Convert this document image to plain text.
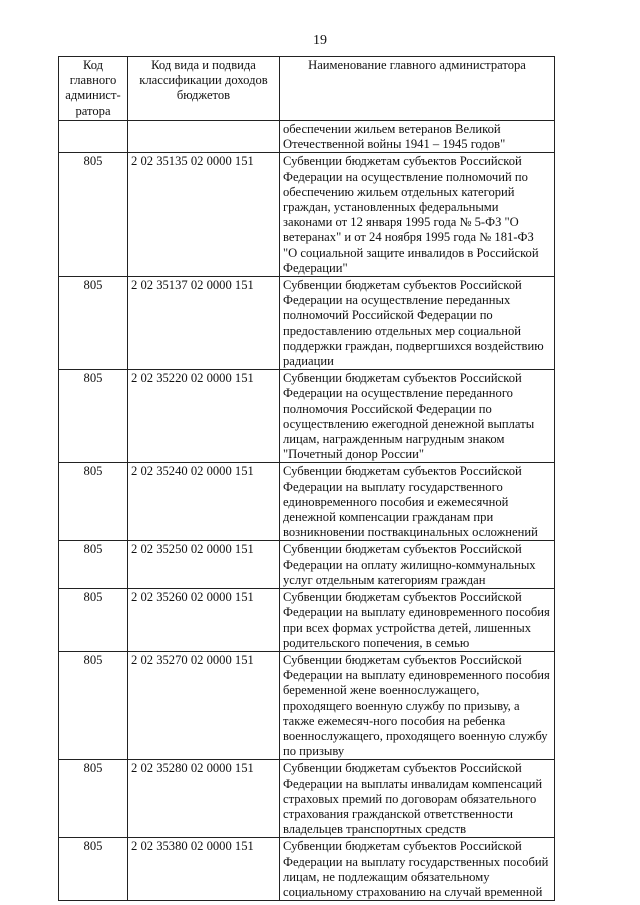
19
Код главного админист-ратора	Код вида и подвида классификации доходов бюджетов	Наименование главного администратора
		обеспечении жильем ветеранов Великой Отечественной войны 1941 – 1945 годов"
805	2 02 35135 02 0000 151	Субвенции бюджетам субъектов Российской Федерации на осуществление полномочий по обеспечению жильем отдельных категорий граждан, установленных федеральными законами от 12 января 1995 года № 5-ФЗ "О ветеранах" и от 24 ноября 1995 года № 181-ФЗ "О социальной защите инвалидов в Российской Федерации"
805	2 02 35137 02 0000 151	Субвенции бюджетам субъектов Российской Федерации на осуществление переданных полномочий Российской Федерации по предоставлению отдельных мер социальной поддержки граждан, подвергшихся воздействию радиации
805	2 02 35220 02 0000 151	Субвенции бюджетам субъектов Российской Федерации на осуществление переданного полномочия Российской Федерации по осуществлению ежегодной денежной выплаты лицам, награжденным нагрудным знаком "Почетный донор России"
805	2 02 35240 02 0000 151	Субвенции бюджетам субъектов Российской Федерации на выплату государственного единовременного пособия и ежемесячной денежной компенсации гражданам при возникновении поствакцинальных осложнений
805	2 02 35250 02 0000 151	Субвенции бюджетам субъектов Российской Федерации на оплату жилищно-коммунальных услуг отдельным категориям граждан
805	2 02 35260 02 0000 151	Субвенции бюджетам субъектов Российской Федерации на выплату единовременного пособия при всех формах устройства детей, лишенных родительского попечения, в семью
805	2 02 35270 02 0000 151	Субвенции бюджетам субъектов Российской Федерации на выплату единовременного пособия беременной жене военнослужащего, проходящего военную службу по призыву, а также ежемесяч-ного пособия на ребенка военнослужащего, проходящего военную службу по призыву
805	2 02 35280 02 0000 151	Субвенции бюджетам субъектов Российской Федерации на выплаты инвалидам компенсаций страховых премий по договорам обязательного страхования гражданской ответственности владельцев транспортных средств
805	2 02 35380 02 0000 151	Субвенции бюджетам субъектов Российской Федерации на выплату государственных пособий лицам, не подлежащим обязательному социальному страхованию на случай временной
